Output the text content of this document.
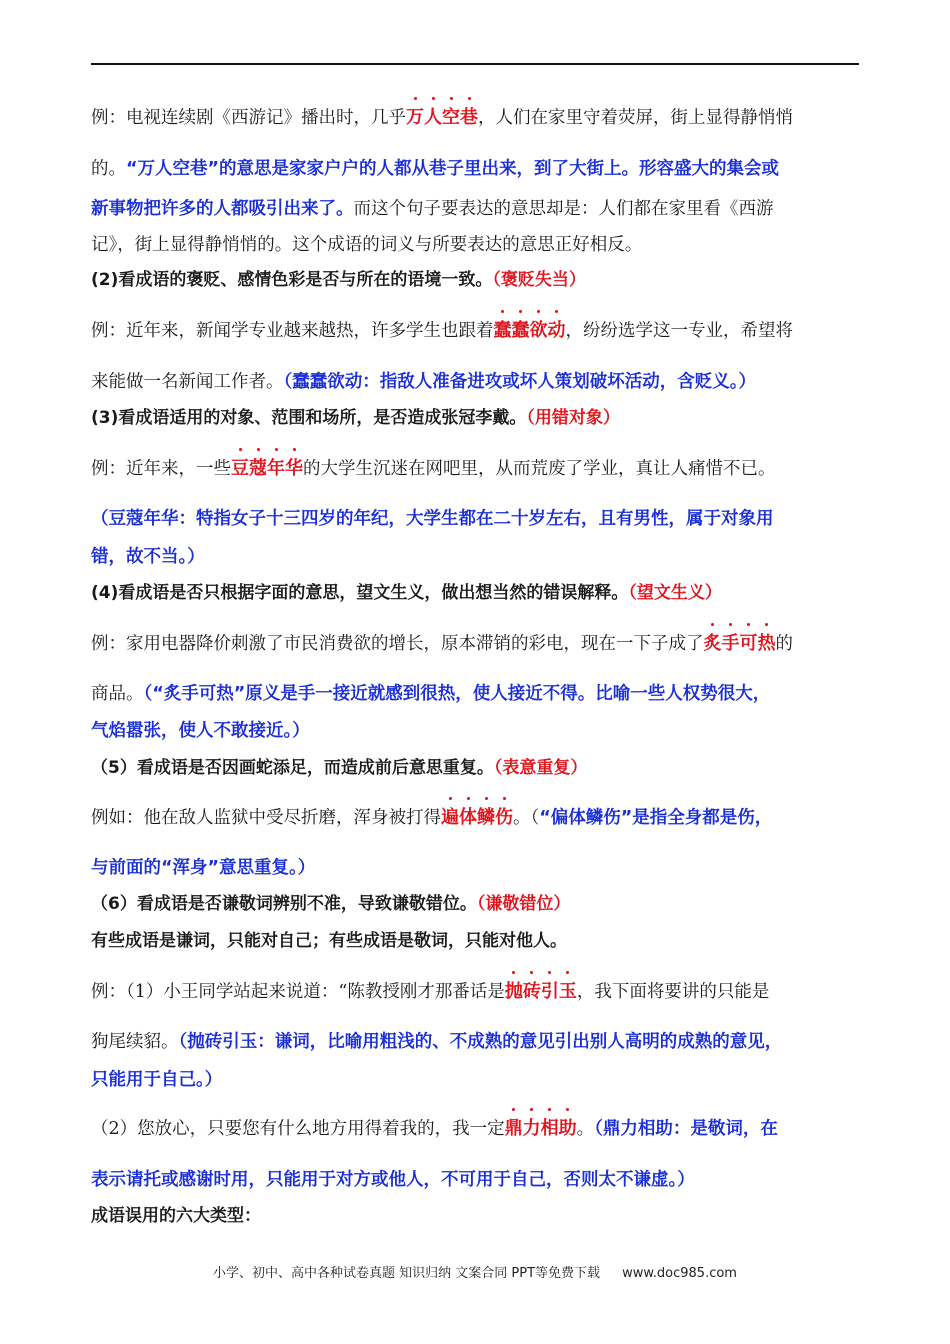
例：电视连续剧《西游记》播出时，几乎
万人空巷，人们在家里守着荧屏，街上显得静悄悄
的。“万人空巷”的意思是家家户户的人都从巷子里出来，到了大街上。形容盛大的集会或
新事物把许多的人都吸引出来了。而这个句子要表达的意思却是：人们都在家里看《西游
记》，街上显得静悄悄的。这个成语的词义与所要表达的意思正好相反。
(2)看成语的褒贬、感情色彩是否与所在的语境一致。（褒贬失当）
例：近年来，新闻学专业越来越热，许多学生也跟着
蠢蠢欲动，纷纷选学这一专业，希望将
来能做一名新闻工作者。（蠢蠢欲动：指敌人准备进攻或坏人策划破坏活动，含贬义。）
(3)看成语适用的对象、范围和场所，是否造成张冠李戴。（用错对象）
例：近年来，一些
豆蔻年华的大学生沉迷在网吧里，从而荒废了学业，真让人痛惜不已。
（豆蔻年华：特指女子十三四岁的年纪，大学生都在二十岁左右，且有男性，属于对象用
错，故不当。）
(4)看成语是否只根据字面的意思，望文生义，做出想当然的错误解释。（望文生义）
例：家用电器降价刺激了市民消费欲的增长，原本滞销的彩电，现在一下子成了
炙手可热的
商品。（“炙手可热”原义是手一接近就感到很热，使人接近不得。比喻一些人权势很大，
气焰嚣张，使人不敢接近。）
（5）看成语是否因画蛇添足，而造成前后意思重复。（表意重复）
例如：他在敌人监狱中受尽折磨，浑身被打得
遍体鳞伤。（“偏体鳞伤”是指全身都是伤，
与前面的“浑身”意思重复。）
（6）看成语是否谦敬词辨别不准，导致谦敬错位。（谦敬错位）
有些成语是谦词，只能对自己；有些成语是敬词，只能对他人。
例：（1）小王同学站起来说道：“陈教授刚才那番话是
抛砖引玉，我下面将要讲的只能是
狗尾续貂。（抛砖引玉：谦词，比喻用粗浅的、不成熟的意见引出别人高明的成熟的意见，
只能用于自己。）
（2）您放心，只要您有什么地方用得着我的，我一定
鼎力相助。（鼎力相助：是敬词，在
表示请托或感谢时用，只能用于对方或他人，不可用于自己，否则太不谦虚。）
成语误用的六大类型：
小学、初中、高中各种试卷真题 知识归纳 文案合同 PPT等免费下载 www.doc985.com
